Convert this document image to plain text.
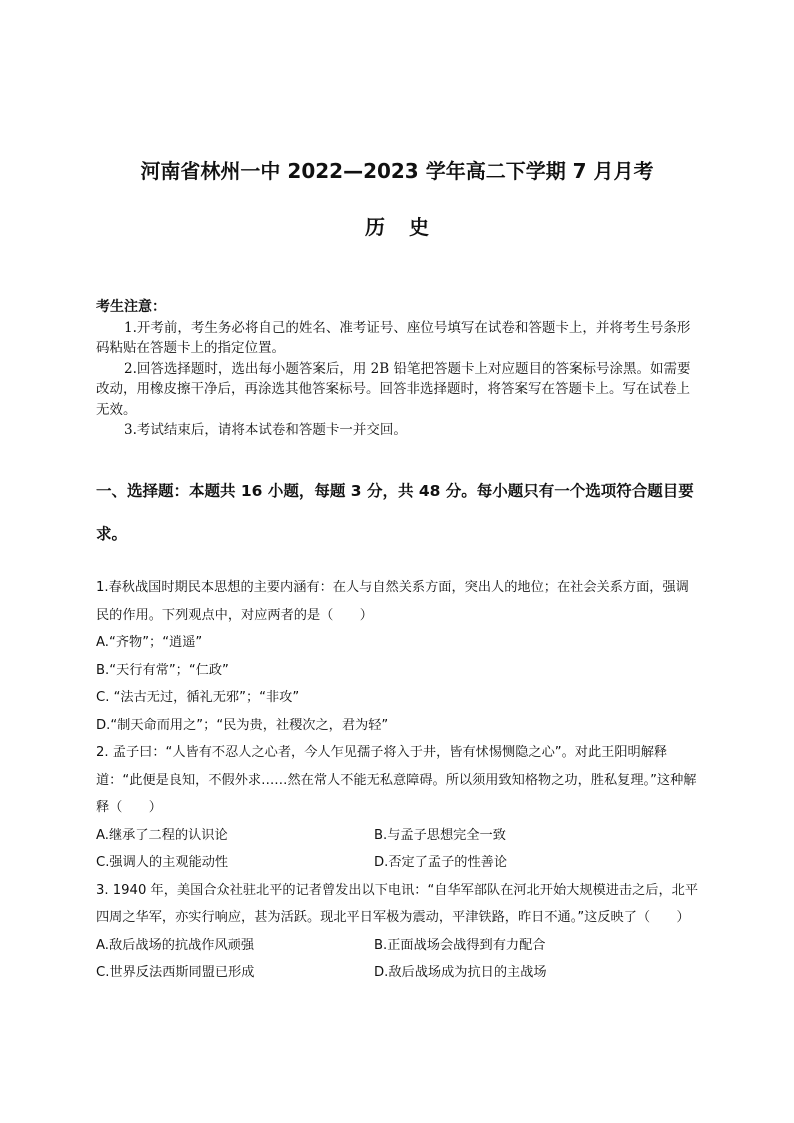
河南省林州一中 2022—2023 学年高二下学期 7 月月考
历史
考生注意：

1.开考前，考生务必将自己的姓名、准考证号、座位号填写在试卷和答题卡上，并将考生号条形码粘贴在答题卡上的指定位置。

2.回答选择题时，选出每小题答案后，用 2B 铅笔把答题卡上对应题目的答案标号涂黑。如需要改动，用橡皮擦干净后，再涂选其他答案标号。回答非选择题时，将答案写在答题卡上。写在试卷上无效。

3.考试结束后，请将本试卷和答题卡一并交回。

一、选择题：本题共 16 小题，每题 3 分，共 48 分。每小题只有一个选项符合题目要
求。

1.春秋战国时期民本思想的主要内涵有：在人与自然关系方面，突出人的地位；在社会关系方面，强调民的作用。下列观点中，对应两者的是（　　）

A.“齐物”；“逍遥”

B.“天行有常”；“仁政”

C. “法古无过，循礼无邪”；“非攻”

D.“制天命而用之”；“民为贵，社稷次之，君为轻”

2. 孟子曰：“人皆有不忍人之心者，今人乍见孺子将入于井，皆有怵惕恻隐之心”。对此王阳明解释道：“此便是良知，不假外求……然在常人不能无私意障碍。所以须用致知格物之功，胜私复理。”这种解释（　　）

A.继承了二程的认识论	B.与孟子思想完全一致
C.强调人的主观能动性	D.否定了孟子的性善论

3. 1940 年，美国合众社驻北平的记者曾发出以下电讯：“自华军部队在河北开始大规模进击之后，北平四周之华军，亦实行响应，甚为活跃。现北平日军极为震动，平津铁路，昨日不通。”这反映了（　　）

A.敌后战场的抗战作风顽强	B.正面战场会战得到有力配合
C.世界反法西斯同盟已形成	D.敌后战场成为抗日的主战场
